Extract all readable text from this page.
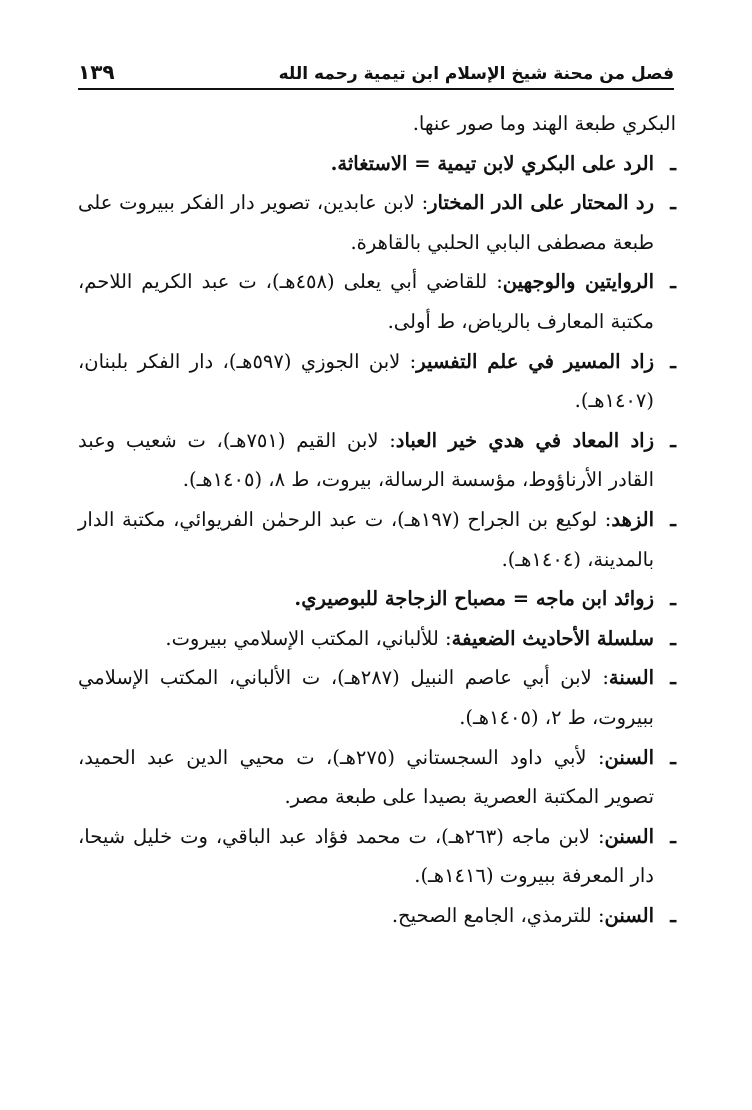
فصل من محنة شيخ الإسلام ابن تيمية رحمه الله
١٣٩

البكري طبعة الهند وما صور عنها.

ـ
الرد على البكري لابن تيمية = الاستغاثة.

ـ
رد المحتار على الدر المختار: لابن عابدين، تصوير دار الفكر ببيروت على طبعة مصطفى البابي الحلبي بالقاهرة.

ـ
الروايتين والوجهين: للقاضي أبي يعلى (٤٥٨هـ)، ت عبد الكريم اللاحم، مكتبة المعارف بالرياض، ط أولى.

ـ
زاد المسير في علم التفسير: لابن الجوزي (٥٩٧هـ)، دار الفكر بلبنان، (١٤٠٧هـ).

ـ
زاد المعاد في هدي خير العباد: لابن القيم (٧٥١هـ)، ت شعيب وعبد القادر الأرناؤوط، مؤسسة الرسالة، بيروت، ط ٨، (١٤٠٥هـ).

ـ
الزهد: لوكيع بن الجراح (١٩٧هـ)، ت عبد الرحمٰن الفريوائي، مكتبة الدار بالمدينة، (١٤٠٤هـ).

ـ
زوائد ابن ماجه = مصباح الزجاجة للبوصيري.

ـ
سلسلة الأحاديث الضعيفة: للألباني، المكتب الإسلامي ببيروت.

ـ
السنة: لابن أبي عاصم النبيل (٢٨٧هـ)، ت الألباني، المكتب الإسلامي ببيروت، ط ٢، (١٤٠٥هـ).

ـ
السنن: لأبي داود السجستاني (٢٧٥هـ)، ت محيي الدين عبد الحميد، تصوير المكتبة العصرية بصيدا على طبعة مصر.

ـ
السنن: لابن ماجه (٢٦٣هـ)، ت محمد فؤاد عبد الباقي، وت خليل شيحا، دار المعرفة ببيروت (١٤١٦هـ).

ـ
السنن: للترمذي، الجامع الصحيح.
